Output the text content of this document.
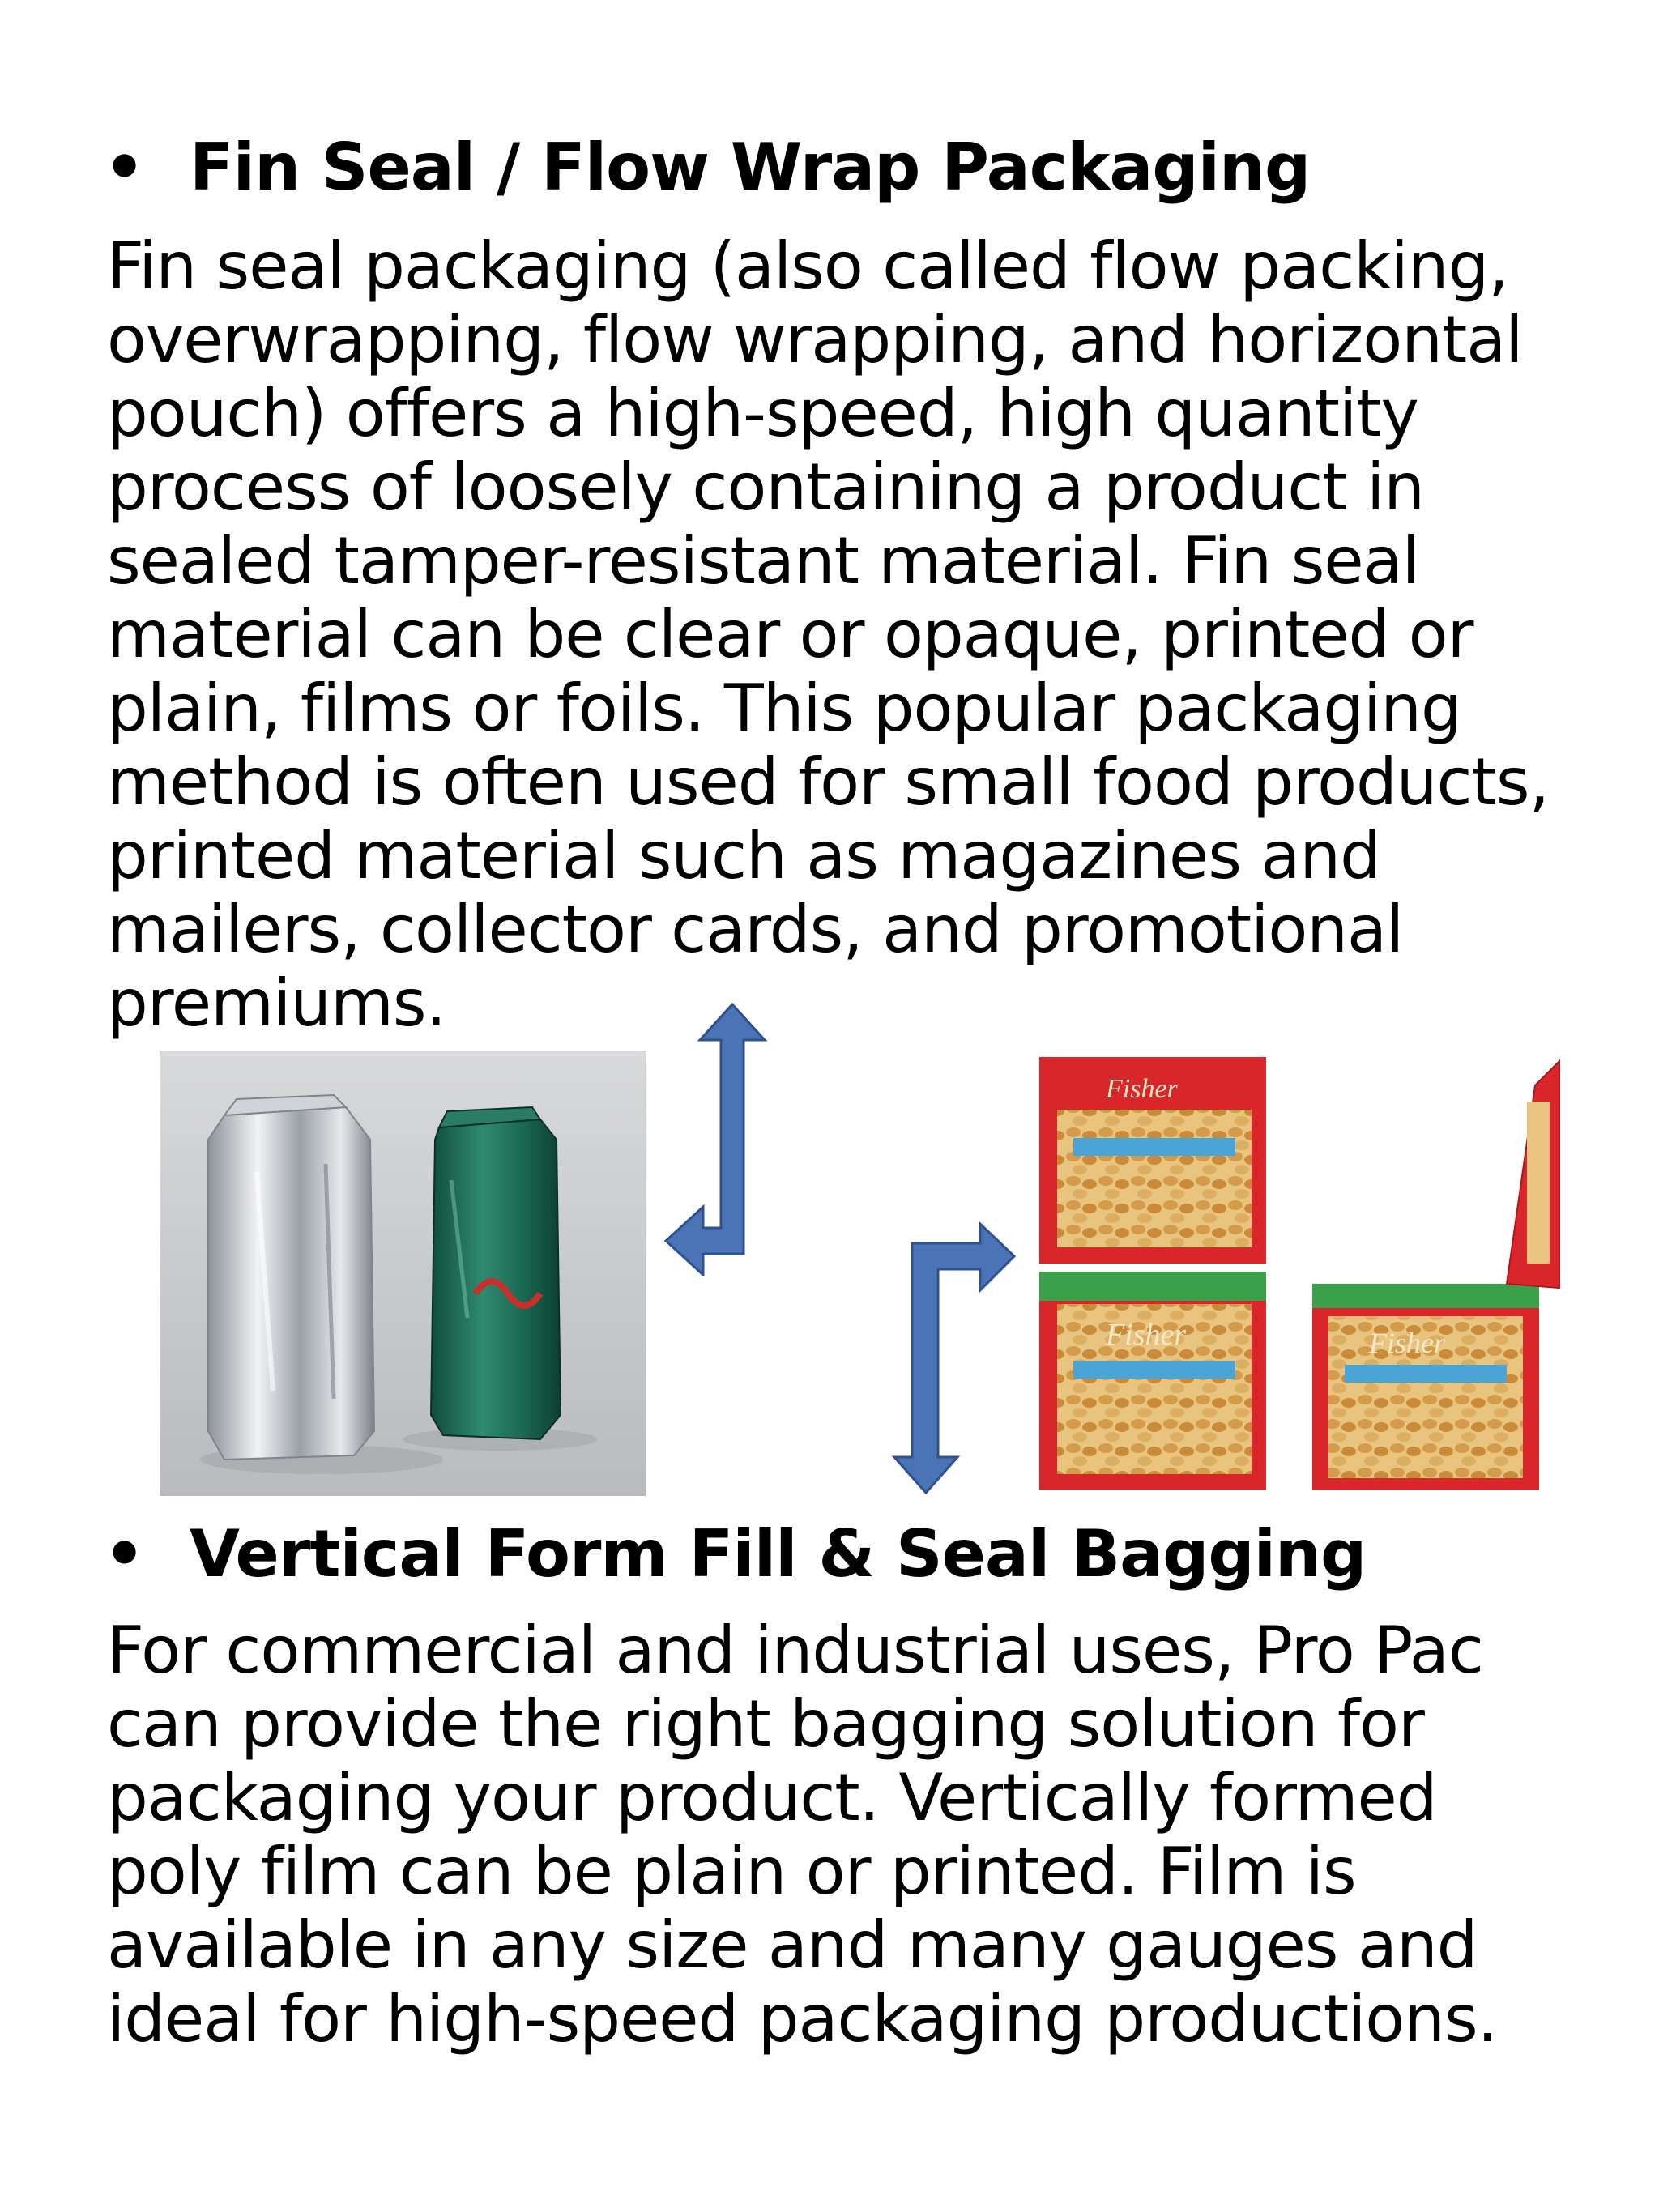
• Fin Seal / Flow Wrap Packaging
Fin seal packaging (also called flow packing,
overwrapping, flow wrapping, and horizontal
pouch) offers a high-speed, high quantity
process of loosely containing a product in
sealed tamper-resistant material. Fin seal
material can be clear or opaque, printed or
plain, films or foils. This popular packaging
method is often used for small food products,
printed material such as magazines and
mailers, collector cards, and promotional
premiums.
Fisher
Fisher	Fisher
• Vertical Form Fill & Seal Bagging
For commercial and industrial uses, Pro Pac
can provide the right bagging solution for
packaging your product. Vertically formed
poly film can be plain or printed. Film is
available in any size and many gauges and
ideal for high-speed packaging productions.
